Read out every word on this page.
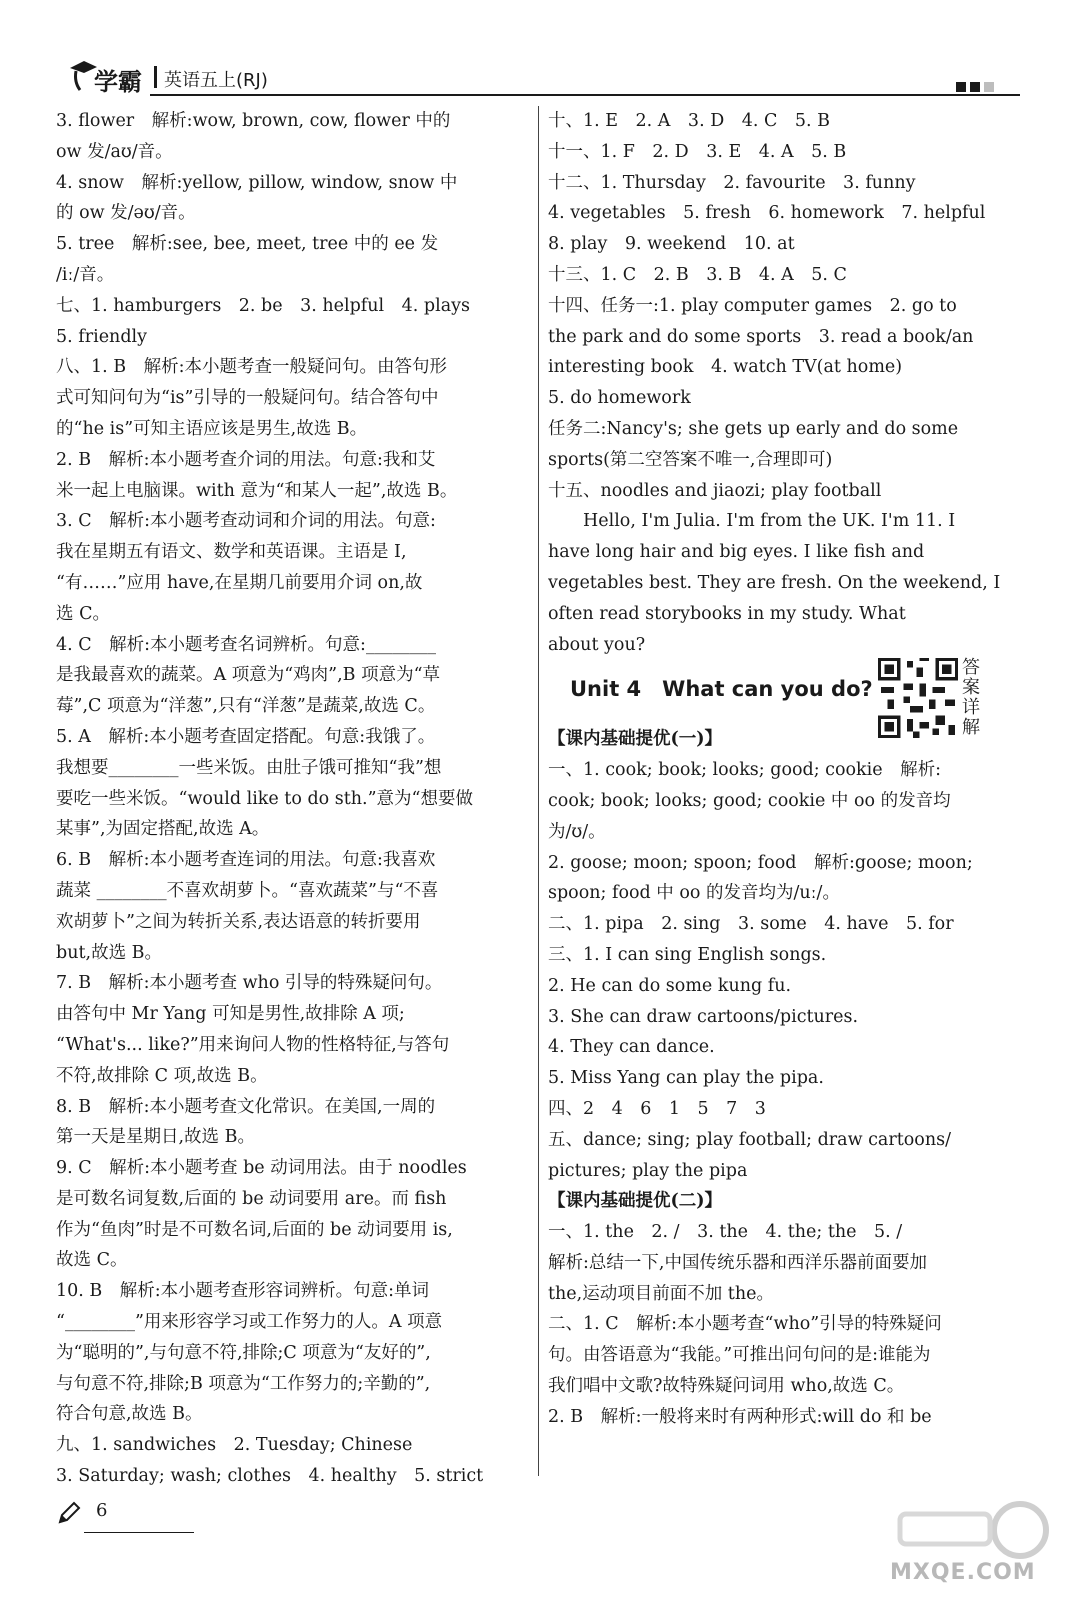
学霸 英语五上(RJ)
3. flower　解析:wow, brown, cow, flower 中的
ow 发/aʊ/音。
4. snow　解析:yellow, pillow, window, snow 中
的 ow 发/əʊ/音。
5. tree　解析:see, bee, meet, tree 中的 ee 发
/iː/音。
七、1. hamburgers　2. be　3. helpful　4. plays
5. friendly
八、1. B　解析:本小题考查一般疑问句。由答句形
式可知问句为“is”引导的一般疑问句。结合答句中
的“he is”可知主语应该是男生,故选 B。
2. B　解析:本小题考查介词的用法。句意:我和艾
米一起上电脑课。with 意为“和某人一起”,故选 B。
3. C　解析:本小题考查动词和介词的用法。句意:
我在星期五有语文、数学和英语课。主语是 I,
“有……”应用 have,在星期几前要用介词 on,故
选 C。
4. C　解析:本小题考查名词辨析。句意:________
是我最喜欢的蔬菜。A 项意为“鸡肉”,B 项意为“草
莓”,C 项意为“洋葱”,只有“洋葱”是蔬菜,故选 C。
5. A　解析:本小题考查固定搭配。句意:我饿了。
我想要________一些米饭。由肚子饿可推知“我”想
要吃一些米饭。“would like to do sth.”意为“想要做
某事”,为固定搭配,故选 A。
6. B　解析:本小题考查连词的用法。句意:我喜欢
蔬菜 ________不喜欢胡萝卜。“喜欢蔬菜”与“不喜
欢胡萝卜”之间为转折关系,表达语意的转折要用
but,故选 B。
7. B　解析:本小题考查 who 引导的特殊疑问句。
由答句中 Mr Yang 可知是男性,故排除 A 项;
“What's... like?”用来询问人物的性格特征,与答句
不符,故排除 C 项,故选 B。
8. B　解析:本小题考查文化常识。在美国,一周的
第一天是星期日,故选 B。
9. C　解析:本小题考查 be 动词用法。由于 noodles
是可数名词复数,后面的 be 动词要用 are。而 fish
作为“鱼肉”时是不可数名词,后面的 be 动词要用 is,
故选 C。
10. B　解析:本小题考查形容词辨析。句意:单词
“________”用来形容学习或工作努力的人。A 项意
为“聪明的”,与句意不符,排除;C 项意为“友好的”,
与句意不符,排除;B 项意为“工作努力的;辛勤的”,
符合句意,故选 B。
九、1. sandwiches　2. Tuesday; Chinese
3. Saturday; wash; clothes　4. healthy　5. strict
十、1. E　2. A　3. D　4. C　5. B
十一、1. F　2. D　3. E　4. A　5. B
十二、1. Thursday　2. favourite　3. funny
4. vegetables　5. fresh　6. homework　7. helpful
8. play　9. weekend　10. at
十三、1. C　2. B　3. B　4. A　5. C
十四、任务一:1. play computer games　2. go to
the park and do some sports　3. read a book/an
interesting book　4. watch TV(at home)
5. do homework
任务二:Nancy's; she gets up early and do some
sports(第二空答案不唯一,合理即可)
十五、noodles and jiaozi; play football
Hello, I'm Julia. I'm from the UK. I'm 11. I
have long hair and big eyes. I like fish and
vegetables best. They are fresh. On the weekend, I
often read storybooks in my study. What
about you?
Unit 4　What can you do?
答案详解
【课内基础提优(一)】
一、1. cook; book; looks; good; cookie　解析:
cook; book; looks; good; cookie 中 oo 的发音均
为/ʊ/。
2. goose; moon; spoon; food　解析:goose; moon;
spoon; food 中 oo 的发音均为/uː/。
二、1. pipa　2. sing　3. some　4. have　5. for
三、1. I can sing English songs.
2. He can do some kung fu.
3. She can draw cartoons/pictures.
4. They can dance.
5. Miss Yang can play the pipa.
四、2　4　6　1　5　7　3
五、dance; sing; play football; draw cartoons/
pictures; play the pipa
【课内基础提优(二)】
一、1. the　2. /　3. the　4. the; the　5. /
解析:总结一下,中国传统乐器和西洋乐器前面要加
the,运动项目前面不加 the。
二、1. C　解析:本小题考查“who”引导的特殊疑问
句。由答语意为“我能。”可推出问句问的是:谁能为
我们唱中文歌?故特殊疑问词用 who,故选 C。
2. B　解析:一般将来时有两种形式:will do 和 be
6
MXQE.COM
